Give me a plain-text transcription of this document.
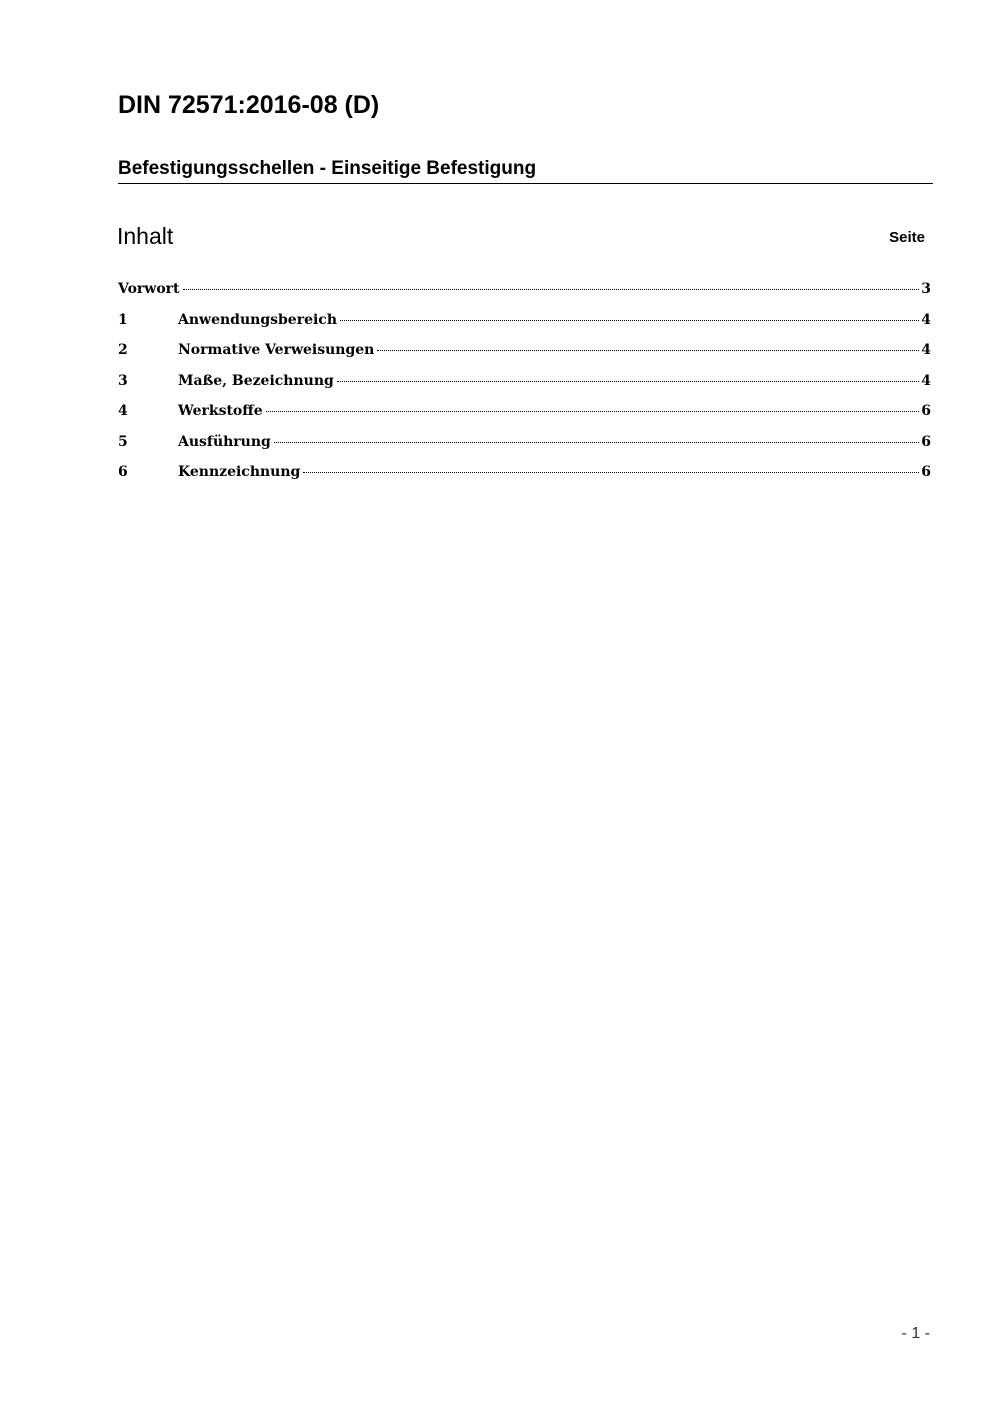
DIN 72571:2016-08 (D)
Befestigungsschellen - Einseitige Befestigung
Inhalt	Seite
Vorwort	3
1	Anwendungsbereich	4
2	Normative Verweisungen	4
3	Maße, Bezeichnung	4
4	Werkstoffe	6
5	Ausführung	6
6	Kennzeichnung	6
- 1 -
